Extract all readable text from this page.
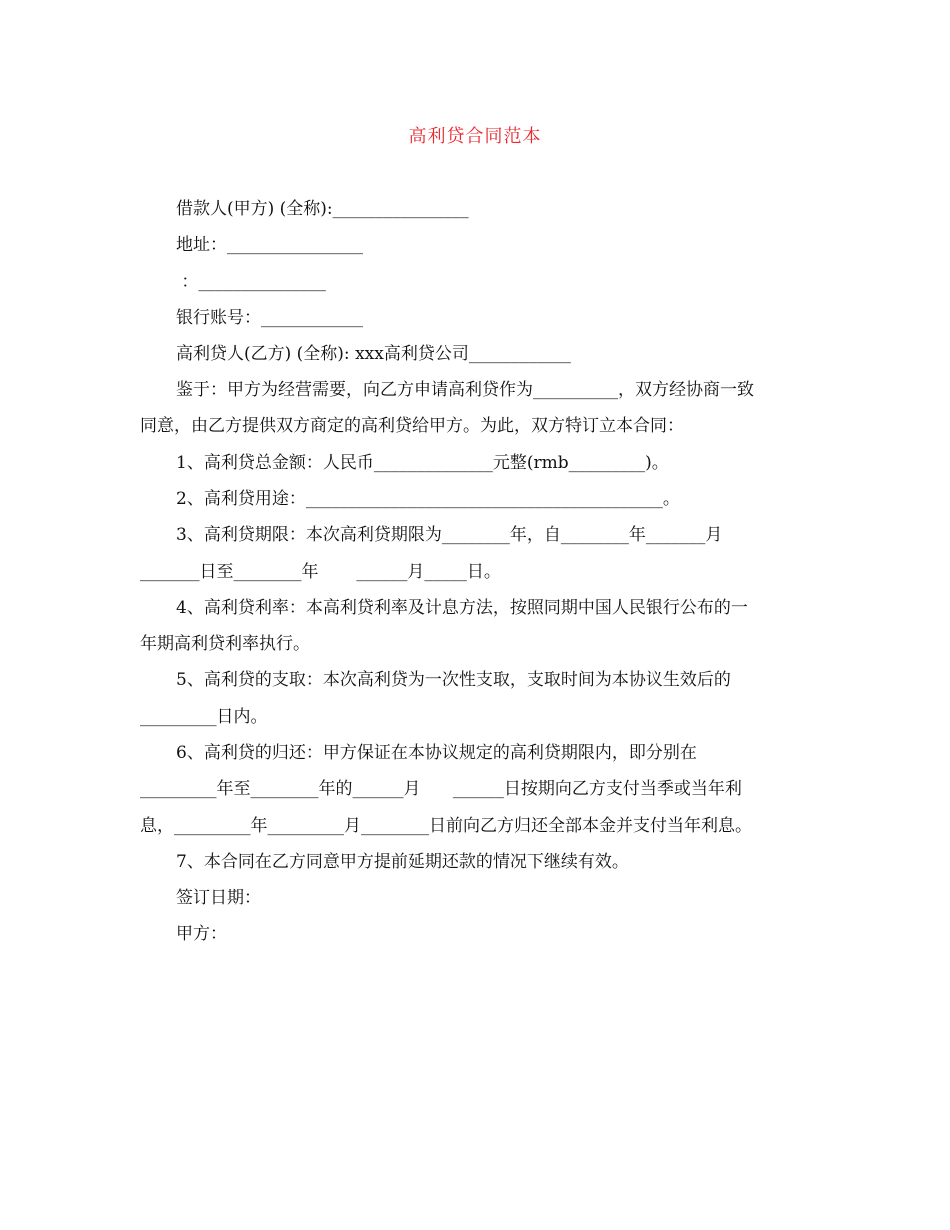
高利贷合同范本
借款人(甲方) (全称):________________
地址：________________
：_______________
银行账号：____________
高利贷人(乙方) (全称): xxx高利贷公司____________
鉴于：甲方为经营需要，向乙方申请高利贷作为__________，双方经协商一致
同意，由乙方提供双方商定的高利贷给甲方。为此，双方特订立本合同：
1、高利贷总金额：人民币______________元整(rmb_________)。
2、高利贷用途：__________________________________________。
3、高利贷期限：本次高利贷期限为________年，自________年_______月
_______日至________年       ______月_____日。
4、高利贷利率：本高利贷利率及计息方法，按照同期中国人民银行公布的一
年期高利贷利率执行。
5、高利贷的支取：本次高利贷为一次性支取，支取时间为本协议生效后的
_________日内。
6、高利贷的归还：甲方保证在本协议规定的高利贷期限内，即分别在
_________年至________年的______月      ______日按期向乙方支付当季或当年利
息，_________年_________月________日前向乙方归还全部本金并支付当年利息。
7、本合同在乙方同意甲方提前延期还款的情况下继续有效。
签订日期：
甲方：
